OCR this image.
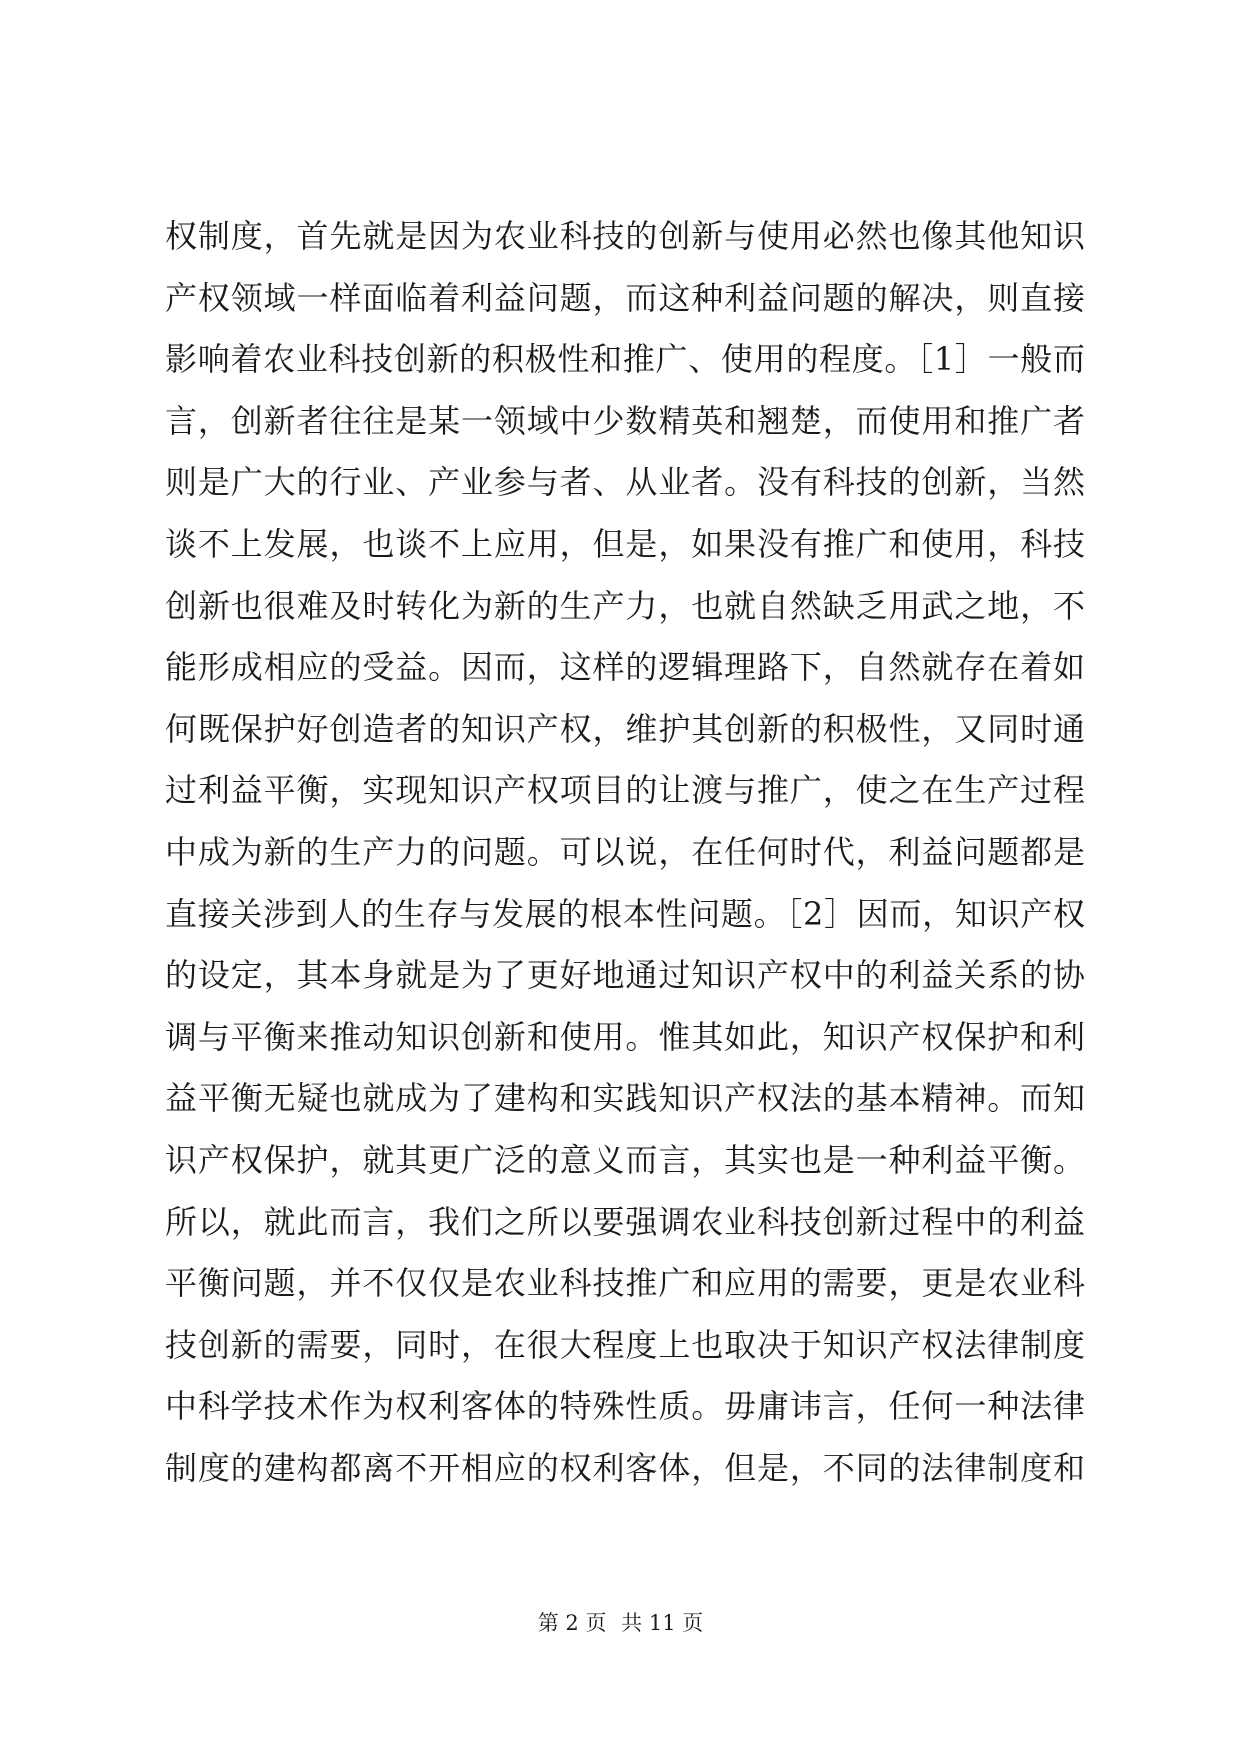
权制度，首先就是因为农业科技的创新与使用必然也像其他知识
产权领域一样面临着利益问题，而这种利益问题的解决，则直接
影响着农业科技创新的积极性和推广、使用的程度。［1］一般而
言，创新者往往是某一领域中少数精英和翘楚，而使用和推广者
则是广大的行业、产业参与者、从业者。没有科技的创新，当然
谈不上发展，也谈不上应用，但是，如果没有推广和使用，科技
创新也很难及时转化为新的生产力，也就自然缺乏用武之地，不
能形成相应的受益。因而，这样的逻辑理路下，自然就存在着如
何既保护好创造者的知识产权，维护其创新的积极性，又同时通
过利益平衡，实现知识产权项目的让渡与推广，使之在生产过程
中成为新的生产力的问题。可以说，在任何时代，利益问题都是
直接关涉到人的生存与发展的根本性问题。［2］因而，知识产权
的设定，其本身就是为了更好地通过知识产权中的利益关系的协
调与平衡来推动知识创新和使用。惟其如此，知识产权保护和利
益平衡无疑也就成为了建构和实践知识产权法的基本精神。而知
识产权保护，就其更广泛的意义而言，其实也是一种利益平衡。
所以，就此而言，我们之所以要强调农业科技创新过程中的利益
平衡问题，并不仅仅是农业科技推广和应用的需要，更是农业科
技创新的需要，同时，在很大程度上也取决于知识产权法律制度
中科学技术作为权利客体的特殊性质。毋庸讳言，任何一种法律
制度的建构都离不开相应的权利客体，但是，不同的法律制度和
第 2 页 共 11 页
